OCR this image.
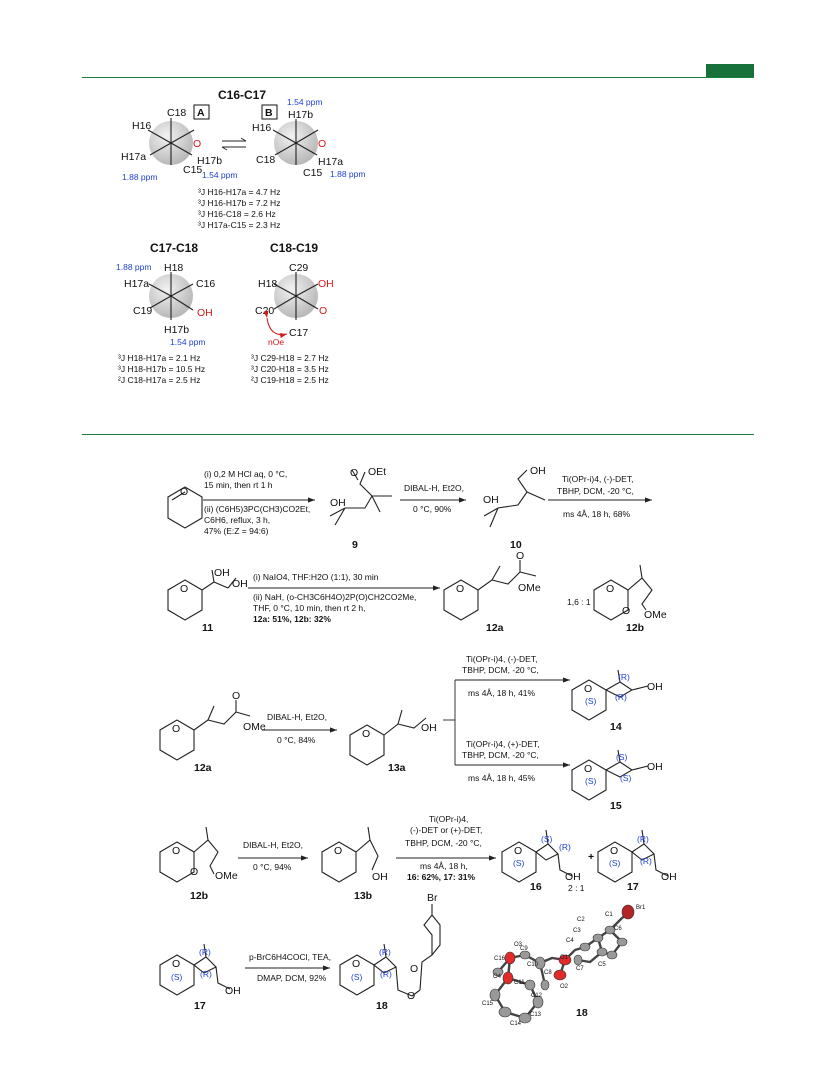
C16-C17
C18 A
H16
H17a
O
H17b
C15
1.88 ppm	1.54 ppm
B
1.54 ppm
H17b
H16
C18
O
H17a
C15 1.88 ppm
³J H16-H17a = 4.7 Hz
³J H16-H17b = 7.2 Hz
³J H16-C18 = 2.6 Hz
³J H17a-C15 = 2.3 Hz
C17-C18
1.88 ppm H18
H17a	C16
C19	OH
H17b
1.54 ppm
³J H18-H17a = 2.1 Hz
³J H18-H17b = 10.5 Hz
²J C18-H17a = 2.5 Hz
C18-C19
C29
H18	OH
C20	O
C17
nOe
³J C29-H18 = 2.7 Hz
³J C20-H18 = 3.5 Hz
²J C19-H18 = 2.5 Hz
O
(i) 0,2 M HCl aq, 0 °C,
15 min, then rt 1 h
(ii) (C6H5)3PC(CH3)CO2Et,
C6H6, reflux, 3 h,
47% (E:Z = 94:6)
O OEt
OH
9
DIBAL-H, Et2O,
0 °C, 90%
OH
OH
10
Ti(OPr-i)4, (-)-DET,
TBHP, DCM, -20 °C,
ms 4Å, 18 h, 68%
O
OH
OH
11
(i) NaIO4, THF:H2O (1:1), 30 min
(ii) NaH, (o-CH3C6H4O)2P(O)CH2CO2Me,
THF, 0 °C, 10 min, then rt 2 h,
12a: 51%, 12b: 32%
O
O
OMe
12a
1,6 : 1
O
O OMe
12b
O
O
OMe
12a
DIBAL-H, Et2O,
0 °C, 84%	O	OH
13a
Ti(OPr-i)4, (-)-DET,
TBHP, DCM, -20 °C,
ms 4Å, 18 h, 41%
Ti(OPr-i)4, (+)-DET,
TBHP, DCM, -20 °C,
ms 4Å, 18 h, 45%
O
(S)
(R)
(R)
OH
14
O
(S)
(S)
(S)
OH
15
O
O OMe
12b
DIBAL-H, Et2O,
0 °C, 94%
O
OH
13b
Ti(OPr-i)4,
(-)-DET or (+)-DET,
TBHP, DCM, -20 °C,
ms 4Å, 18 h,
16: 62%, 17: 31%
O
(S)
(S)
(R)
OH
16
+
2 : 1
O
(S)
(R)
(R)
OH
17
O
(S)
(R)
(R)
OH
17
p-BrC6H4COCl, TEA,
DMAP, DCM, 92%
O
(S)
(R)
(R)
O
O
Br
18
Br1
C1
C2
C3
C4
C5
C6
C7
O1
O2
O3
C8
C9
C10
C16
O4
C11
C12
C13
C14
C15
18
